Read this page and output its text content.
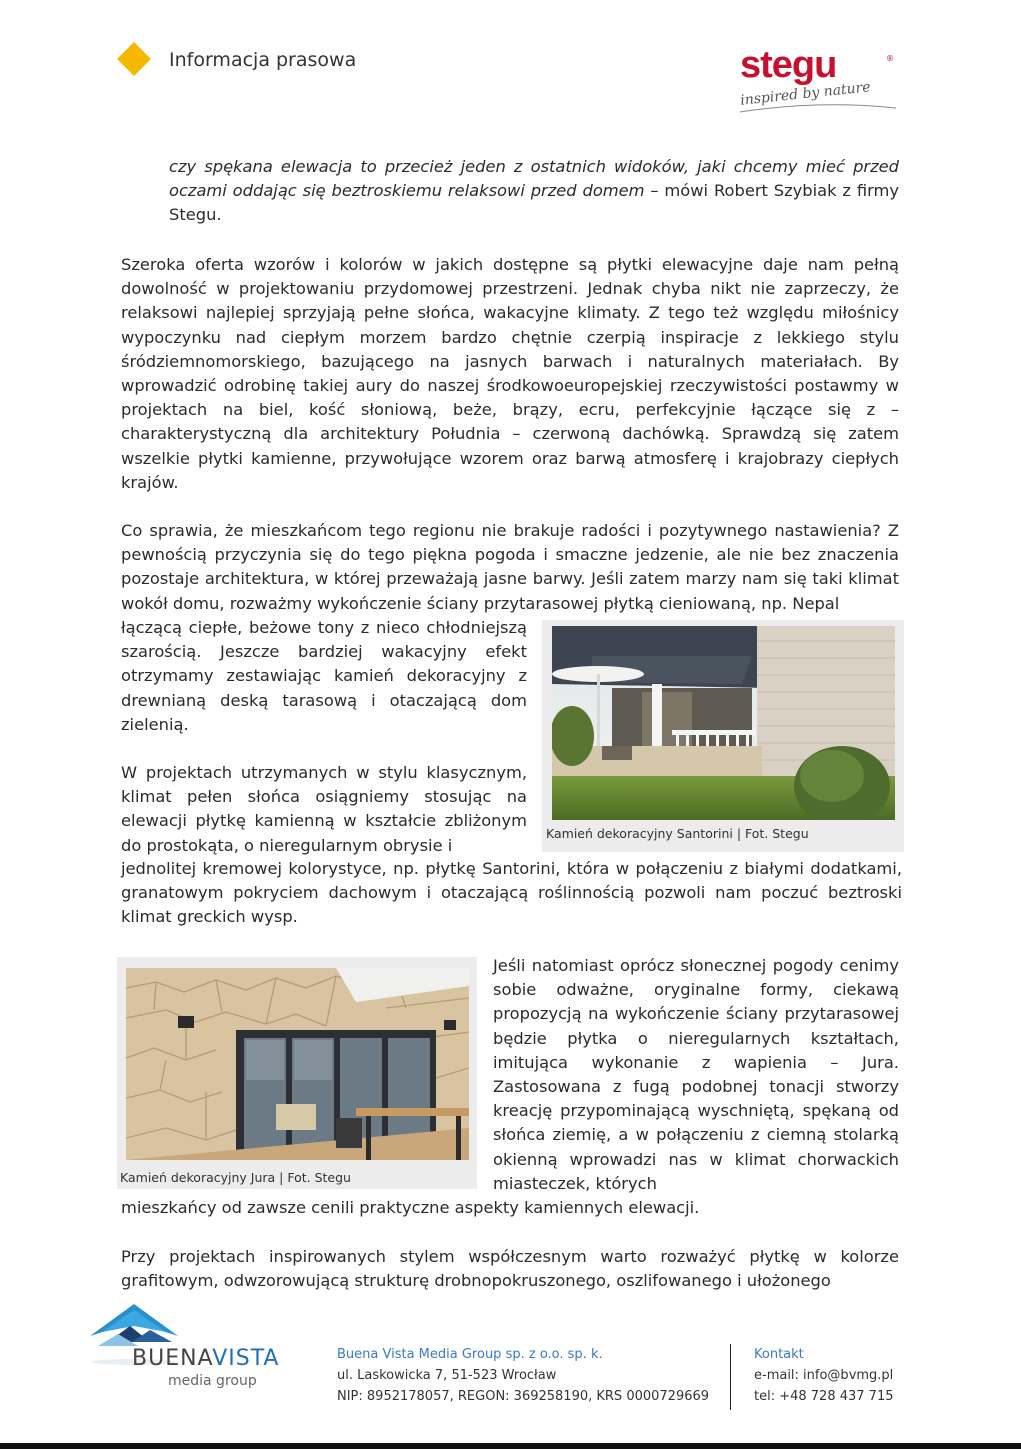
Informacja prasowa	stegu	®
inspired by nature
czy spękana elewacja to przecież jeden z ostatnich widoków, jaki chcemy mieć przed oczami oddając się beztroskiemu relaksowi przed domem – mówi Robert Szybiak z firmy Stegu.
Szeroka oferta wzorów i kolorów w jakich dostępne są płytki elewacyjne daje nam pełną dowolność w projektowaniu przydomowej przestrzeni. Jednak chyba nikt nie zaprzeczy, że relaksowi najlepiej sprzyjają pełne słońca, wakacyjne klimaty. Z tego też względu miłośnicy wypoczynku nad ciepłym morzem bardzo chętnie czerpią inspiracje z lekkiego stylu śródziemnomorskiego, bazującego na jasnych barwach i naturalnych materiałach. By wprowadzić odrobinę takiej aury do naszej środkowoeuropejskiej rzeczywistości postawmy w projektach na biel, kość słoniową, beże, brązy, ecru, perfekcyjnie łączące się z – charakterystyczną dla architektury Południa – czerwoną dachówką. Sprawdzą się zatem wszelkie płytki kamienne, przywołujące wzorem oraz barwą atmosferę i krajobrazy ciepłych krajów.
Co sprawia, że mieszkańcom tego regionu nie brakuje radości i pozytywnego nastawienia? Z pewnością przyczynia się do tego piękna pogoda i smaczne jedzenie, ale nie bez znaczenia pozostaje architektura, w której przeważają jasne barwy. Jeśli zatem marzy nam się taki klimat wokół domu, rozważmy wykończenie ściany przytarasowej płytką cieniowaną, np. Nepal
łączącą ciepłe, beżowe tony z nieco chłodniejszą szarością. Jeszcze bardziej wakacyjny efekt otrzymamy zestawiając kamień dekoracyjny z drewnianą deską tarasową i otaczającą dom zielenią.
Kamień dekoracyjny Santorini | Fot. Stegu
W projektach utrzymanych w stylu klasycznym, klimat pełen słońca osiągniemy stosując na elewacji płytkę kamienną w kształcie zbliżonym do prostokąta, o nieregularnym obrysie i
jednolitej kremowej kolorystyce, np. płytkę Santorini, która w połączeniu z białymi dodatkami, granatowym pokryciem dachowym i otaczającą roślinnością pozwoli nam poczuć beztroski klimat greckich wysp.
Kamień dekoracyjny Jura | Fot. Stegu
Jeśli natomiast oprócz słonecznej pogody cenimy sobie odważne, oryginalne formy, ciekawą propozycją na wykończenie ściany przytarasowej będzie płytka o nieregularnych kształtach, imitująca wykonanie z wapienia – Jura. Zastosowana z fugą podobnej tonacji stworzy kreację przypominającą wyschniętą, spękaną od słońca ziemię, a w połączeniu z ciemną stolarką okienną wprowadzi nas w klimat chorwackich miasteczek, których
mieszkańcy od zawsze cenili praktyczne aspekty kamiennych elewacji.
Przy projektach inspirowanych stylem współczesnym warto rozważyć płytkę w kolorze grafitowym, odwzorowującą strukturę drobnopokruszonego, oszlifowanego i ułożonego
BUENAVISTA
media group
Buena Vista Media Group sp. z o.o. sp. k.
ul. Laskowicka 7, 51-523 Wrocław
NIP: 8952178057, REGON: 369258190, KRS 0000729669
Kontakt
e-mail: info@bvmg.pl
tel: +48 728 437 715
